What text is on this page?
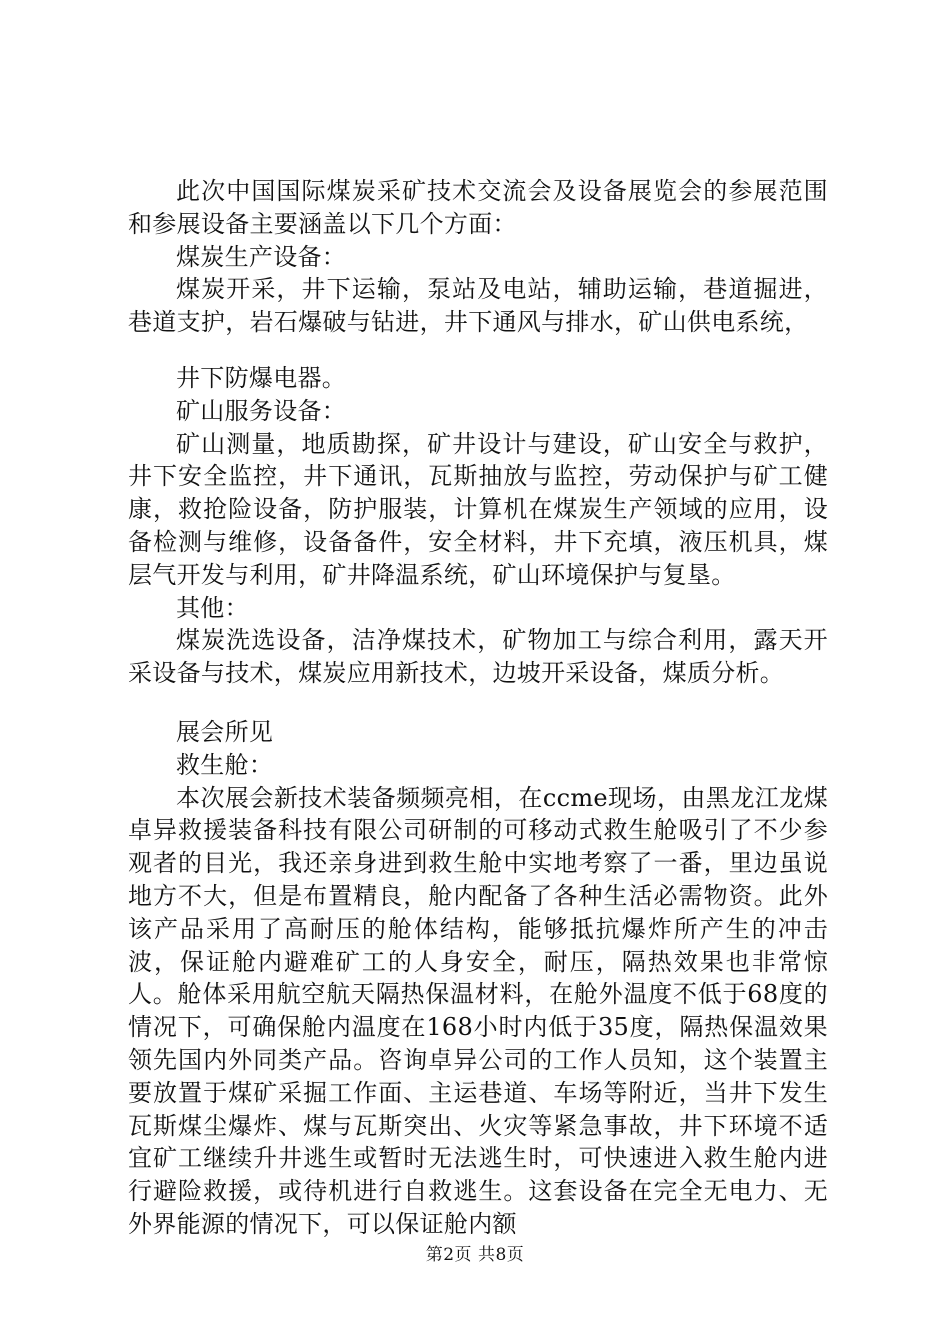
此次中国国际煤炭采矿技术交流会及设备展览会的参展范围和参展设备主要涵盖以下几个方面：

煤炭生产设备：

煤炭开采，井下运输，泵站及电站，辅助运输，巷道掘进，巷道支护，岩石爆破与钻进，井下通风与排水，矿山供电系统，

井下防爆电器。

矿山服务设备：

矿山测量，地质勘探，矿井设计与建设，矿山安全与救护，井下安全监控，井下通讯，瓦斯抽放与监控，劳动保护与矿工健康，救抢险设备，防护服装，计算机在煤炭生产领域的应用，设备检测与维修，设备备件，安全材料，井下充填，液压机具，煤层气开发与利用，矿井降温系统，矿山环境保护与复垦。

其他：

煤炭洗选设备，洁净煤技术，矿物加工与综合利用，露天开采设备与技术，煤炭应用新技术，边坡开采设备，煤质分析。

展会所见

救生舱：

本次展会新技术装备频频亮相，在ccme现场，由黑龙江龙煤卓异救援装备科技有限公司研制的可移动式救生舱吸引了不少参观者的目光，我还亲身进到救生舱中实地考察了一番，里边虽说地方不大，但是布置精良，舱内配备了各种生活必需物资。此外该产品采用了高耐压的舱体结构，能够抵抗爆炸所产生的冲击波，保证舱内避难矿工的人身安全，耐压，隔热效果也非常惊人。舱体采用航空航天隔热保温材料，在舱外温度不低于68度的情况下，可确保舱内温度在168小时内低于35度，隔热保温效果领先国内外同类产品。咨询卓异公司的工作人员知，这个装置主要放置于煤矿采掘工作面、主运巷道、车场等附近，当井下发生瓦斯煤尘爆炸、煤与瓦斯突出、火灾等紧急事故，井下环境不适宜矿工继续升井逃生或暂时无法逃生时，可快速进入救生舱内进行避险救援，或待机进行自救逃生。这套设备在完全无电力、无外界能源的情况下，可以保证舱内额

第2页 共8页
